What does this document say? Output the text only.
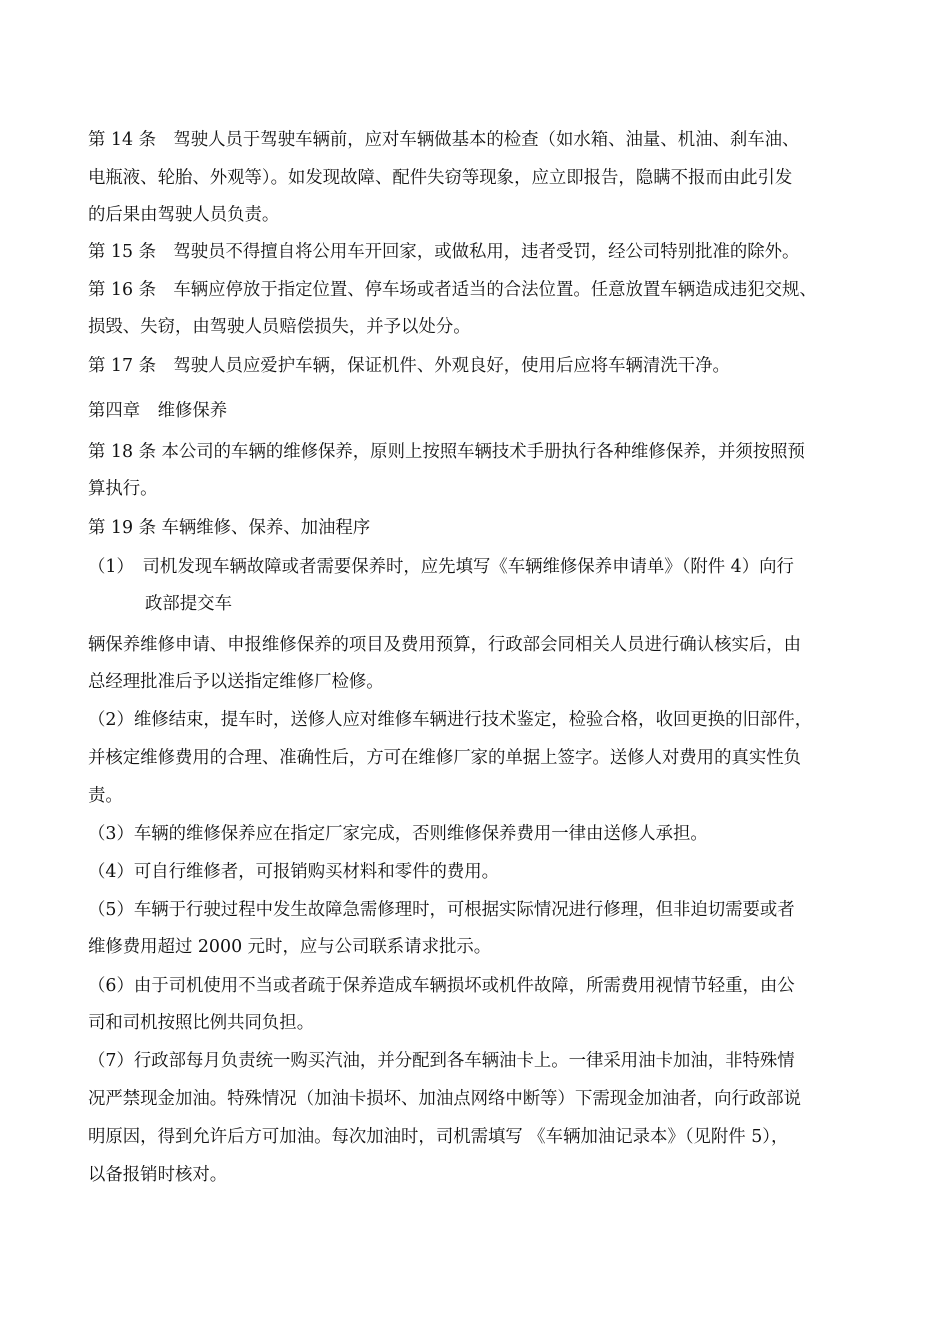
第 14 条　驾驶人员于驾驶车辆前，应对车辆做基本的检查（如水箱、油量、机油、刹车油、

电瓶液、轮胎、外观等）。如发现故障、配件失窃等现象，应立即报告，隐瞒不报而由此引发

的后果由驾驶人员负责。

第 15 条　驾驶员不得擅自将公用车开回家，或做私用，违者受罚，经公司特别批准的除外。

第 16 条　车辆应停放于指定位置、停车场或者适当的合法位置。任意放置车辆造成违犯交规、

损毁、失窃，由驾驶人员赔偿损失，并予以处分。

第 17 条　驾驶人员应爱护车辆，保证机件、外观良好，使用后应将车辆清洗干净。

第四章　维修保养

第 18 条 本公司的车辆的维修保养，原则上按照车辆技术手册执行各种维修保养，并须按照预

算执行。

第 19 条 车辆维修、保养、加油程序

（1）　司机发现车辆故障或者需要保养时，应先填写《车辆维修保养申请单》（附件 4）向行

政部提交车

辆保养维修申请、申报维修保养的项目及费用预算，行政部会同相关人员进行确认核实后，由

总经理批准后予以送指定维修厂检修。

（2）维修结束，提车时，送修人应对维修车辆进行技术鉴定，检验合格，收回更换的旧部件，

并核定维修费用的合理、准确性后，方可在维修厂家的单据上签字。送修人对费用的真实性负

责。

（3）车辆的维修保养应在指定厂家完成，否则维修保养费用一律由送修人承担。

（4）可自行维修者，可报销购买材料和零件的费用。

（5）车辆于行驶过程中发生故障急需修理时，可根据实际情况进行修理，但非迫切需要或者

维修费用超过 2000 元时，应与公司联系请求批示。

（6）由于司机使用不当或者疏于保养造成车辆损坏或机件故障，所需费用视情节轻重，由公

司和司机按照比例共同负担。

（7）行政部每月负责统一购买汽油，并分配到各车辆油卡上。一律采用油卡加油，非特殊情

况严禁现金加油。特殊情况（加油卡损坏、加油点网络中断等）下需现金加油者，向行政部说

明原因，得到允许后方可加油。每次加油时，司机需填写 《车辆加油记录本》（见附件 5），

以备报销时核对。
